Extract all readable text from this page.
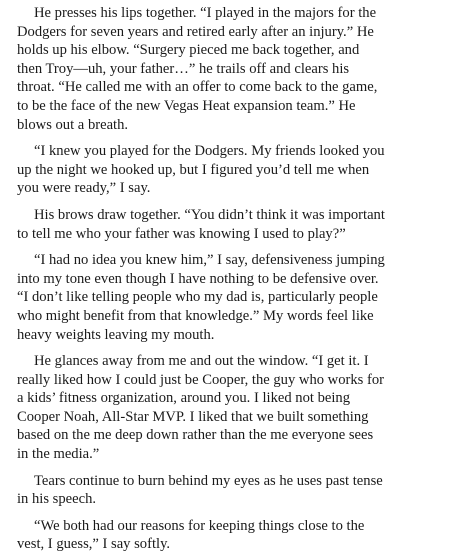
He presses his lips together. “I played in the majors for the
Dodgers for seven years and retired early after an injury.” He
holds up his elbow. “Surgery pieced me back together, and
then Troy—uh, your father…” he trails off and clears his
throat. “He called me with an offer to come back to the game,
to be the face of the new Vegas Heat expansion team.” He
blows out a breath.

“I knew you played for the Dodgers. My friends looked you
up the night we hooked up, but I figured you’d tell me when
you were ready,” I say.

His brows draw together. “You didn’t think it was important
to tell me who your father was knowing I used to play?”

“I had no idea you knew him,” I say, defensiveness jumping
into my tone even though I have nothing to be defensive over.
“I don’t like telling people who my dad is, particularly people
who might benefit from that knowledge.” My words feel like
heavy weights leaving my mouth.

He glances away from me and out the window. “I get it. I
really liked how I could just be Cooper, the guy who works for
a kids’ fitness organization, around you. I liked not being
Cooper Noah, All-Star MVP. I liked that we built something
based on the me deep down rather than the me everyone sees
in the media.”

Tears continue to burn behind my eyes as he uses past tense
in his speech.

“We both had our reasons for keeping things close to the
vest, I guess,” I say softly.
